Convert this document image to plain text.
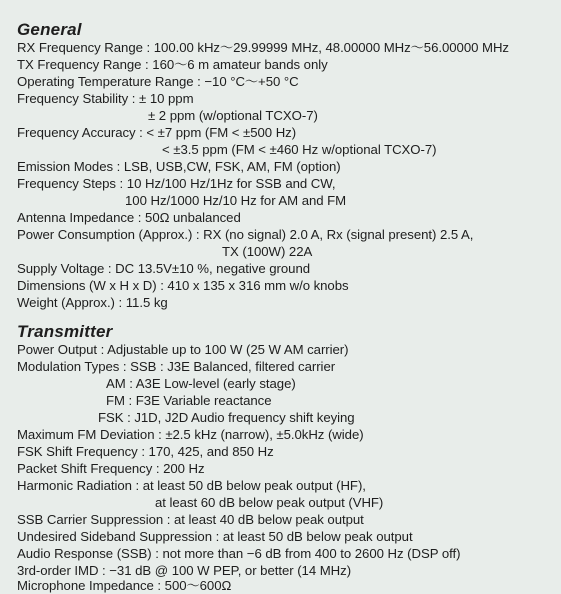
General
RX Frequency Range : 100.00 kHz〜29.99999 MHz, 48.00000 MHz〜56.00000 MHz
TX Frequency Range : 160〜6 m amateur bands only
Operating Temperature Range : −10 °C〜+50 °C
Frequency Stability : ± 10 ppm
± 2 ppm (w/optional TCXO-7)
Frequency Accuracy : < ±7 ppm (FM < ±500 Hz)
< ±3.5 ppm (FM < ±460 Hz w/optional TCXO-7)
Emission Modes : LSB, USB,CW, FSK, AM, FM (option)
Frequency Steps : 10 Hz/100 Hz/1Hz for SSB and CW,
100 Hz/1000 Hz/10 Hz for AM and FM
Antenna Impedance : 50Ω unbalanced
Power Consumption (Approx.) : RX (no signal) 2.0 A, Rx (signal present) 2.5 A,
TX (100W) 22A
Supply Voltage : DC 13.5V±10 %, negative ground
Dimensions (W x H x D) : 410 x 135 x 316 mm w/o knobs
Weight (Approx.) : 11.5 kg
Transmitter
Power Output : Adjustable up to 100 W (25 W AM carrier)
Modulation Types : SSB : J3E Balanced, filtered carrier
AM : A3E Low-level (early stage)
FM : F3E Variable reactance
FSK : J1D, J2D Audio frequency shift keying
Maximum FM Deviation : ±2.5 kHz (narrow), ±5.0kHz (wide)
FSK Shift Frequency : 170, 425, and 850 Hz
Packet Shift Frequency : 200 Hz
Harmonic Radiation : at least 50 dB below peak output (HF),
at least 60 dB below peak output (VHF)
SSB Carrier Suppression : at least 40 dB below peak output
Undesired Sideband Suppression : at least 50 dB below peak output
Audio Response (SSB) : not more than −6 dB from 400 to 2600 Hz (DSP off)
3rd-order IMD : −31 dB @ 100 W PEP, or better (14 MHz)
Microphone Impedance : 500〜600Ω
